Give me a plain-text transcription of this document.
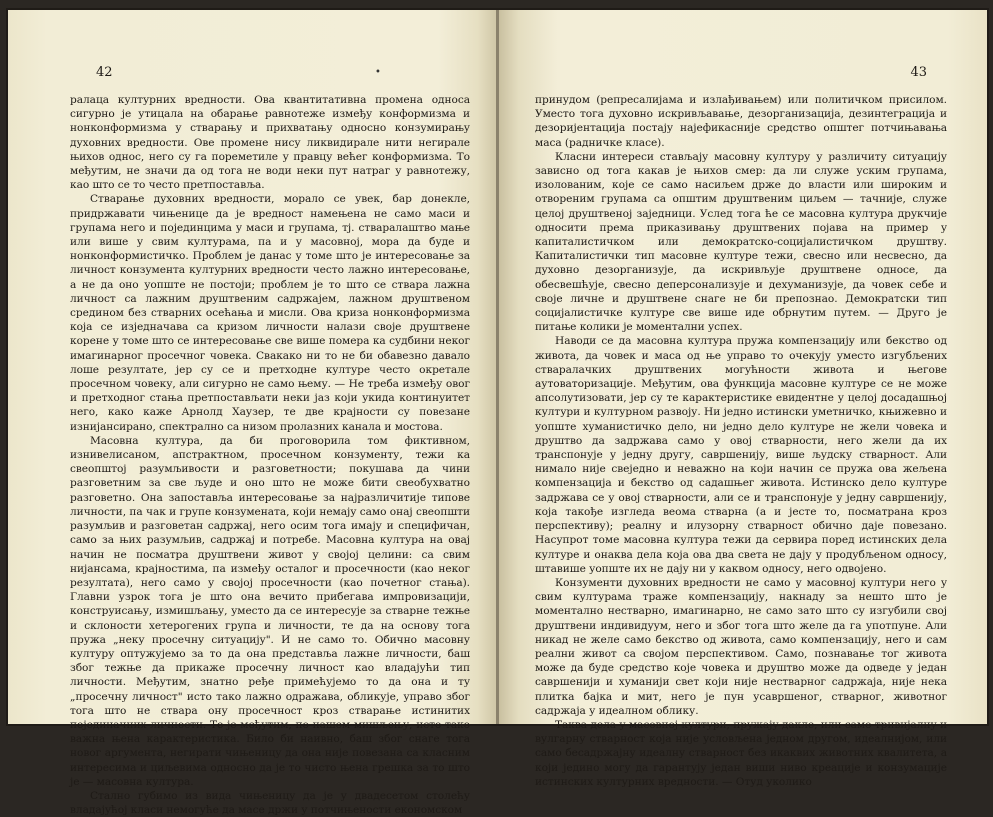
42	•

ралаца културних вредности. Ова квантитативна промена односа сигурно је утицала на обарање равнотеже између конформизма и нонконформизма у стварању и прихватању односно конзумирању духовних вредности. Ове промене нису ликвидирале нити негирале њихов однос, него су га пореметиле у правцу већег конформизма. То међутим, не значи да од тога не води неки пут натраг у равнотежу, као што се то често претпоставља.

Стварање духовних вредности, морало се увек, бар донекле, придржавати чињенице да је вредност намењена не само маси и групама него и појединцима у маси и групама, тј. стваралаштво мање или више у свим културама, па и у масовној, мора да буде и нонконформистичко. Проблем је данас у томе што је интересовање за личност конзумента културних вредности често лажно интересовање, а не да оно уопште не постоји; проблем је то што се ствара лажна личност са лажним друштвеним садржајем, лажном друштвеном средином без стварних осећања и мисли. Ова криза нонконформизма која се изједначава са кризом личности налази своје друштвене корене у томе што се интересовање све више помера ка судбини неког имагинарног просечног човека. Свакако ни то не би обавезно давало лоше резултате, јер су се и претходне културе често окретале просечном човеку, али сигурно не само њему. — Не треба између овог и претходног стања претпостављати неки јаз који укида континуитет него, како каже Арнолд Хаузер, те две крајности су повезане изнијансирано, спектрално са низом пролазних канала и мостова.

Масовна култура, да би проговорила том фиктивном, изнивелисаном, апстрактном, просечном конзументу, тежи ка свеопштој разумљивости и разговетности; покушава да чини разговетним за све људе и оно што не може бити свеобухватно разговетно. Она запоставља интересовање за најразличитије типове личности, па чак и групе конзумената, који немају само онај свеопшти разумљив и разговетан садржај, него осим тога имају и специфичан, само за њих разумљив, садржај и потребе. Масовна култура на овај начин не посматра друштвени живот у својој целини: са свим нијансама, крајностима, па између осталог и просечности (као неког резултата), него само у својој просечности (као почетног стања). Главни узрок тога је што она вечито прибегава импровизацији, конструисању, измишљању, уместо да се интересује за стварне тежње и склоности хетерогених група и личности, те да на основу тога пружа „неку просечну ситуацију". И не само то. Обично масовну културу оптужујемо за то да она представља лажне личности, баш због тежње да прикаже просечну личност као владајући тип личности. Међутим, знатно ређе примећујемо то да она и ту „просечну личност" исто тако лажно одражава, обликује, управо због тога што не ствара ону просечност кроз стварање истинитих појединачних личности. То је међутим, по нашем мишљењу, исто тако важна њена карактеристика. Било би наивно, баш због снаге тога новог аргумента, негирати чињеницу да она није повезана са класним интересима и циљевима односно да је то чисто њена грешка за то што је — масовна култура.

Стално губимо из вида чињеницу да је у двадесетом столећу владајућој класи немогуће да масе држи у потчињености економском

43

принудом (репресалијама и излађивањем) или политичком присилом. Уместо тога духовно искривљавање, дезорганизација, дезинтеграција и дезоријентација постају најефикасније средство општег потчињавања маса (радничке класе).

Класни интереси стављају масовну културу у различиту ситуацију зависно од тога какав је њихов смер: да ли служе уским групама, изолованим, које се само насиљем држе до власти или широким и отвореним групама са општим друштвеним циљем — тачније, служе целој друштвеној заједници. Услед тога ће се масовна култура друкчије односити према приказивању друштвених појава на пример у капиталистичком или демократско-социјалистичком друштву. Капиталистички тип масовне културе тежи, свесно или несвесно, да духовно дезорганизује, да искривљује друштвене односе, да обесвешћује, свесно деперсонализује и дехуманизује, да човек себе и своје личне и друштвене снаге не би препознао. Демократски тип социјалистичке културе све више иде обрнутим путем. — Друго је питање колики је моментални успех.

Наводи се да масовна култура пружа компензацију или бекство од живота, да човек и маса од ње управо то очекују уместо изгубљених стваралачких друштвених могућности живота и његове аутоваторизације. Међутим, ова функција масовне културе се не може апсолутизовати, јер су те карактеристике евидентне у целој досадашњој култури и културном развоју. Ни једно истински уметничко, књижевно и уопште хуманистичко дело, ни једно дело културе не жели човека и друштво да задржава само у овој стварности, него жели да их транспонује у једну другу, савршенију, више људску стварност. Али нимало није свеједно и неважно на који начин се пружа ова жељена компензација и бекство од садашњег живота. Истинско дело културе задржава се у овој стварности, али се и транспонује у једну савршенију, која такође изгледа веома стварна (а и јесте то, посматрана кроз перспективу); реалну и илузорну стварност обично даје повезано. Насупрот томе масовна култура тежи да сервира поред истинских дела културе и онаква дела која ова два света не дају у продубљеном односу, штавише уопште их не дају ни у каквом односу, него одвојено.

Конзументи духовних вредности не само у масовној култури него у свим културама траже компензацију, накнаду за нешто што је моментално нестварно, имагинарно, не само зато што су изгубили свој друштвени индивидуум, него и због тога што желе да га употпуне. Али никад не желе само бекство од живота, само компензацију, него и сам реални живот са својом перспективом. Само, познавање тог живота може да буде средство које човека и друштво може да одведе у један савршенији и хуманији свет који није нестварног садржаја, није нека плитка бајка и мит, него је пун усавршеног, стварног, животног садржаја у идеалном облику.

Таква дела у масовној култури, пружају дакле, или само тривијалну и вулгарну стварност која није условљена једном другом, идеалнијом, или само бесадржајну идеалну стварност без икаквих животних квалитета, а који једино могу да гарантују један виши ниво креације и конзумације истинских културних вредности. — Отуд уколико
